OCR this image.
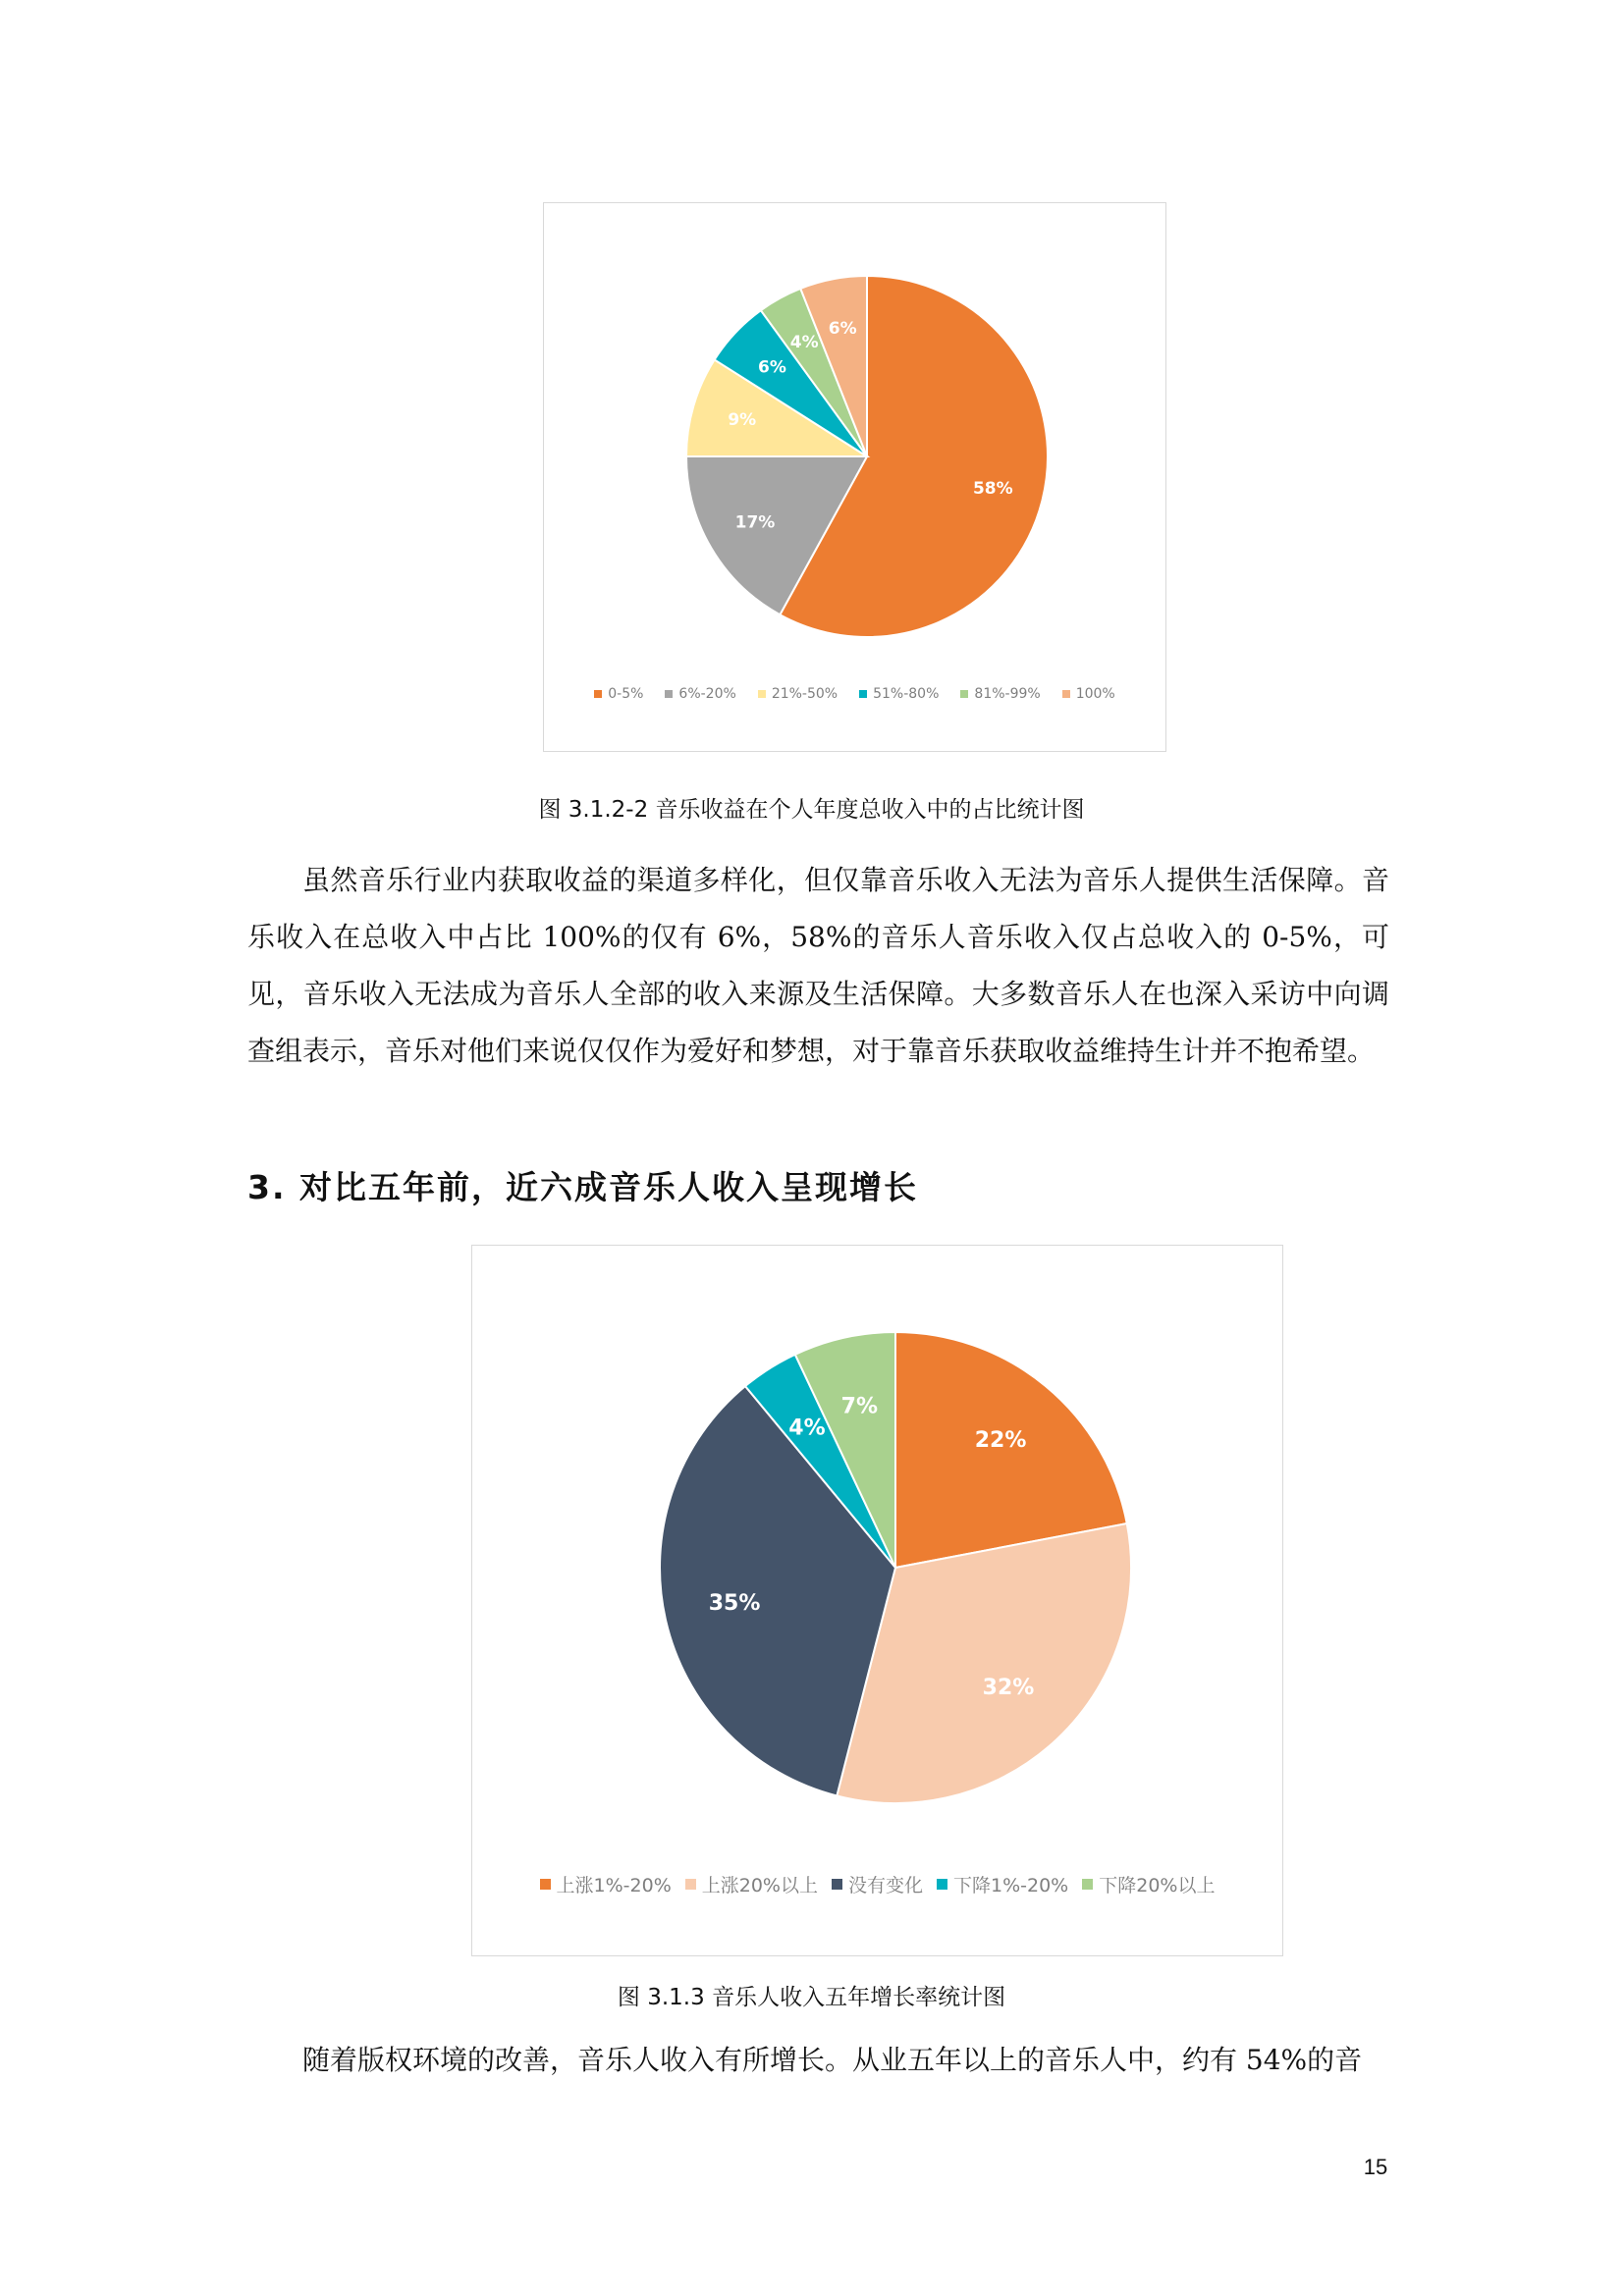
58%
17%
9%
6%
4%
6%
0-5%	6%-20%	21%-50%	51%-80%	81%-99%	100%
图 3.1.2-2 音乐收益在个人年度总收入中的占比统计图
虽然音乐行业内获取收益的渠道多样化，但仅靠音乐收入无法为音乐人提供生活保障。音乐收入在总收入中占比 100%的仅有 6%，58%的音乐人音乐收入仅占总收入的 0-5%，可见，音乐收入无法成为音乐人全部的收入来源及生活保障。大多数音乐人在也深入采访中向调查组表示，音乐对他们来说仅仅作为爱好和梦想，对于靠音乐获取收益维持生计并不抱希望。
3. 对比五年前，近六成音乐人收入呈现增长
22%
32%
35%
4%
7%
上涨1%-20% 上涨20%以上 没有变化 下降1%-20% 下降20%以上
图 3.1.3 音乐人收入五年增长率统计图
随着版权环境的改善，音乐人收入有所增长。从业五年以上的音乐人中，约有 54%的音
15
